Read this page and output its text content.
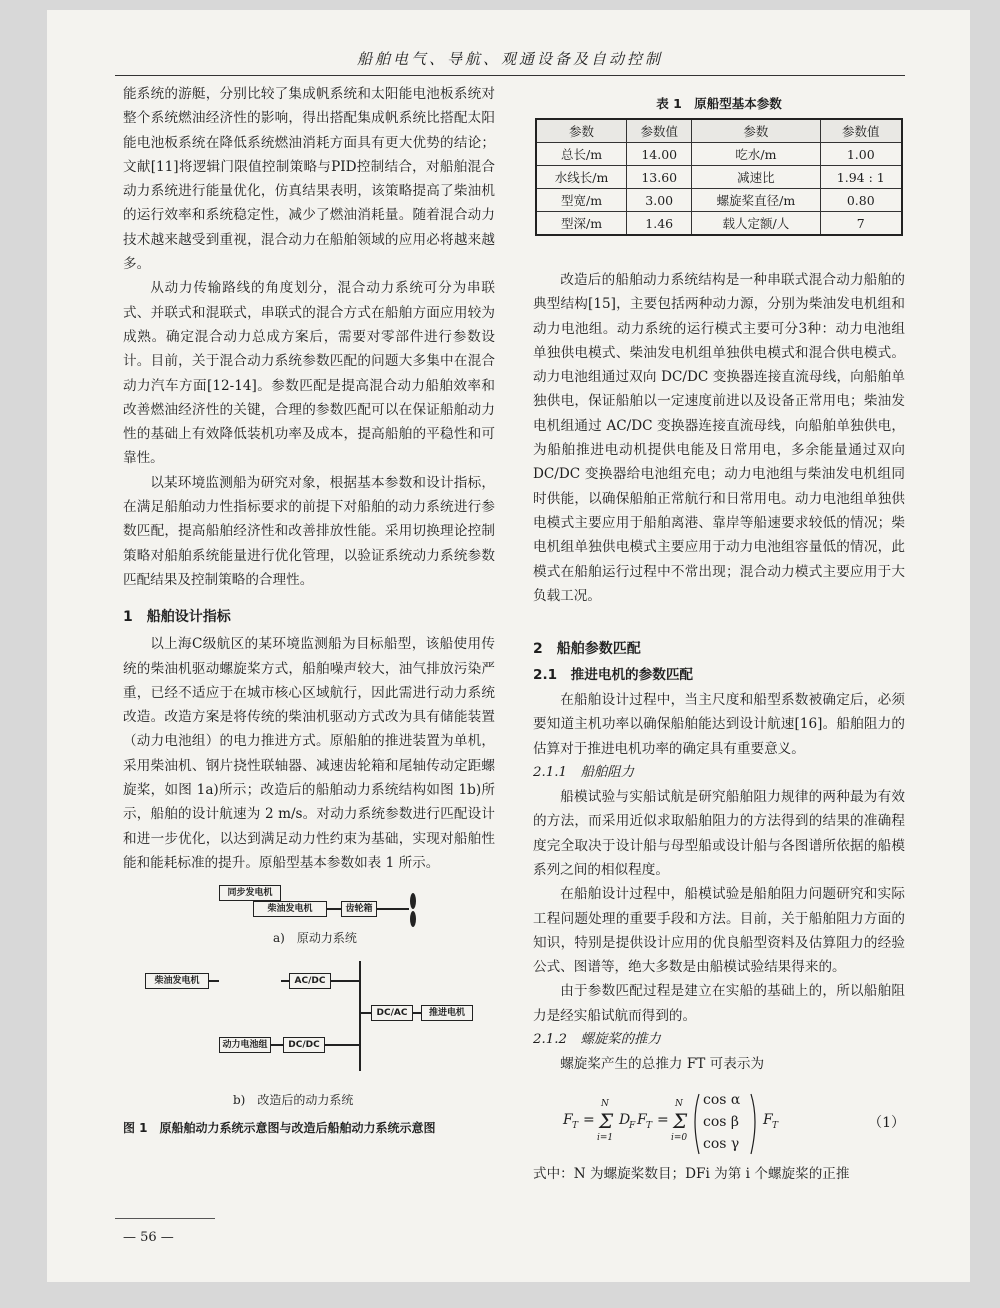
船舶电气、导航、观通设备及自动控制

能系统的游艇，分别比较了集成帆系统和太阳能电池板系统对整个系统燃油经济性的影响，得出搭配集成帆系统比搭配太阳能电池板系统在降低系统燃油消耗方面具有更大优势的结论；文献[11]将逻辑门限值控制策略与PID控制结合，对船舶混合动力系统进行能量优化，仿真结果表明，该策略提高了柴油机的运行效率和系统稳定性，减少了燃油消耗量。随着混合动力技术越来越受到重视，混合动力在船舶领域的应用必将越来越多。

从动力传输路线的角度划分，混合动力系统可分为串联式、并联式和混联式，串联式的混合方式在船舶方面应用较为成熟。确定混合动力总成方案后，需要对零部件进行参数设计。目前，关于混合动力系统参数匹配的问题大多集中在混合动力汽车方面[12-14]。参数匹配是提高混合动力船舶效率和改善燃油经济性的关键，合理的参数匹配可以在保证船舶动力性的基础上有效降低装机功率及成本，提高船舶的平稳性和可靠性。

以某环境监测船为研究对象，根据基本参数和设计指标，在满足船舶动力性指标要求的前提下对船舶的动力系统进行参数匹配，提高船舶经济性和改善排放性能。采用切换理论控制策略对船舶系统能量进行优化管理，以验证系统动力系统参数匹配结果及控制策略的合理性。

1　船舶设计指标

以上海C级航区的某环境监测船为目标船型，该船使用传统的柴油机驱动螺旋桨方式，船舶噪声较大，油气排放污染严重，已经不适应于在城市核心区域航行，因此需进行动力系统改造。改造方案是将传统的柴油机驱动方式改为具有储能装置（动力电池组）的电力推进方式。原船舶的推进装置为单机，采用柴油机、钢片挠性联轴器、减速齿轮箱和尾轴传动定距螺旋桨，如图 1a)所示；改造后的船舶动力系统结构如图 1b)所示，船舶的设计航速为 2 m/s。对动力系统参数进行匹配设计和进一步优化，以达到满足动力性约束为基础，实现对船舶性能和能耗标准的提升。原船型基本参数如表 1 所示。

柴油发电机	齿轮箱
a)　原动力系统
柴油发电机
同步发电机
AC/DC
DC/AC	推进电机
动力电池组	DC/DC
b)　改造后的动力系统
图 1　原船舶动力系统示意图与改造后船舶动力系统示意图
表 1　原船型基本参数
参数	参数值	参数	参数值
总长/m	14.00	吃水/m	1.00
水线长/m	13.60	减速比	1.94 : 1
型宽/m	3.00	螺旋桨直径/m	0.80
型深/m	1.46	载人定额/人	7

改造后的船舶动力系统结构是一种串联式混合动力船舶的典型结构[15]，主要包括两种动力源，分别为柴油发电机组和动力电池组。动力系统的运行模式主要可分3种：动力电池组单独供电模式、柴油发电机组单独供电模式和混合供电模式。动力电池组通过双向 DC/DC 变换器连接直流母线，向船舶单独供电，保证船舶以一定速度前进以及设备正常用电；柴油发电机组通过 AC/DC 变换器连接直流母线，向船舶单独供电，为船舶推进电动机提供电能及日常用电，多余能量通过双向 DC/DC 变换器给电池组充电；动力电池组与柴油发电机组同时供能，以确保船舶正常航行和日常用电。动力电池组单独供电模式主要应用于船舶离港、靠岸等船速要求较低的情况；柴电机组单独供电模式主要应用于动力电池组容量低的情况，此模式在船舶运行过程中不常出现；混合动力模式主要应用于大负载工况。

2　船舶参数匹配
2.1　推进电机的参数匹配

在船舶设计过程中，当主尺度和船型系数被确定后，必须要知道主机功率以确保船舶能达到设计航速[16]。船舶阻力的估算对于推进电机功率的确定具有重要意义。

2.1.1　船舶阻力

船模试验与实船试航是研究船舶阻力规律的两种最为有效的方法，而采用近似求取船舶阻力的方法得到的结果的准确程度完全取决于设计船与母型船或设计船与各图谱所依据的船模系列之间的相似程度。

在船舶设计过程中，船模试验是船舶阻力问题研究和实际工程问题处理的重要手段和方法。目前，关于船舶阻力方面的知识，特别是提供设计应用的优良船型资料及估算阻力的经验公式、图谱等，绝大多数是由船模试验结果得来的。

由于参数匹配过程是建立在实船的基础上的，所以船舶阻力是经实船试航而得到的。

2.1.2　螺旋桨的推力

螺旋桨产生的总推力 FT 可表示为

F T = Σ
N
i=1
D
F F T = Σ
N
i=0
cos α
cos β
cos γ
F T	（1）

式中：N 为螺旋桨数目；DFi 为第 i 个螺旋桨的正推

— 56 —
